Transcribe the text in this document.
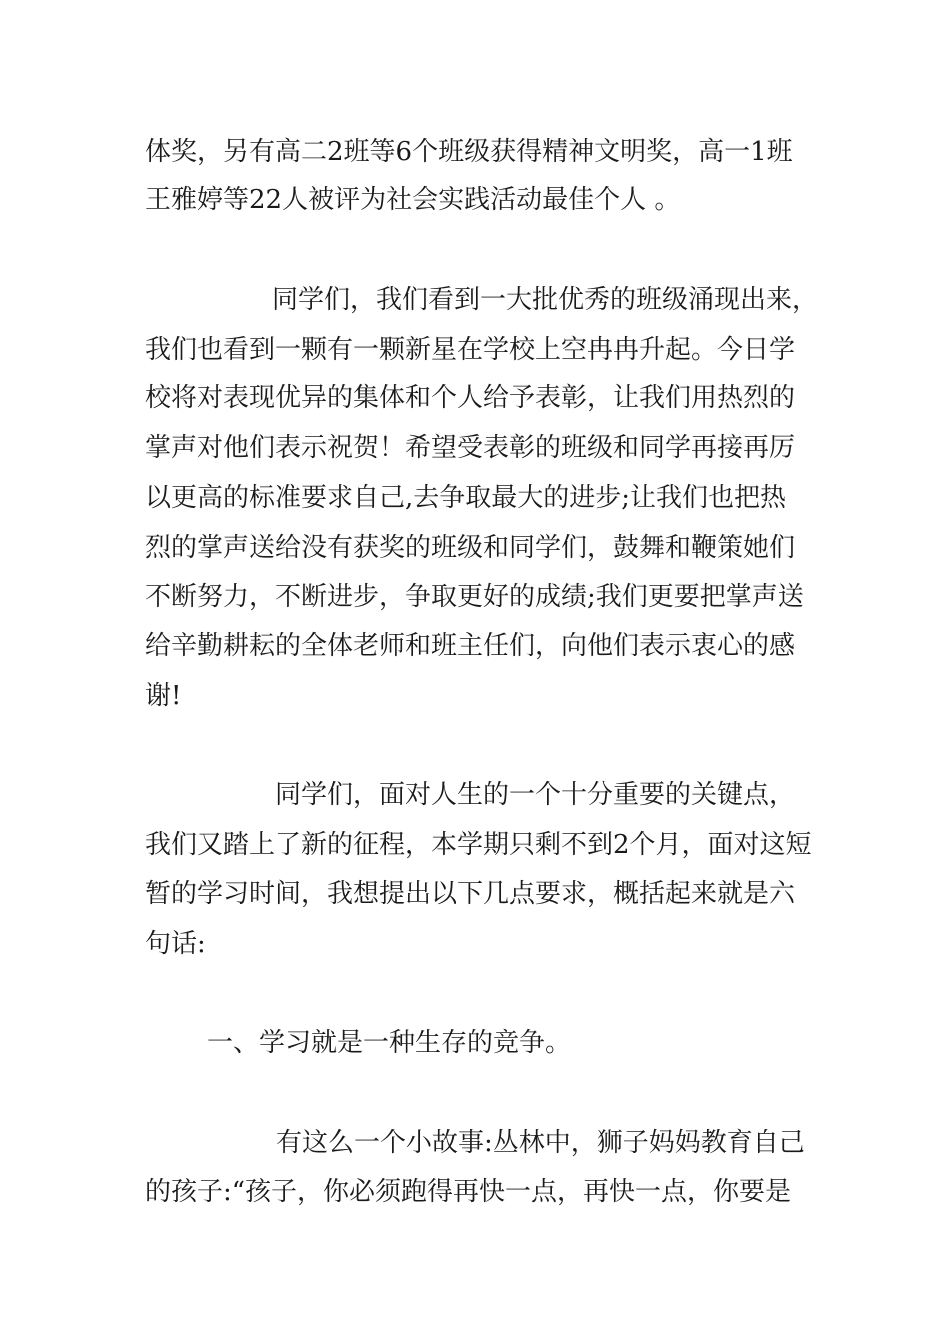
体奖，另有高二2班等6个班级获得精神文明奖，高一1班
王雅婷等22人被评为社会实践活动最佳个人 。
同学们，我们看到一大批优秀的班级涌现出来，
我们也看到一颗有一颗新星在学校上空冉冉升起。今日学
校将对表现优异的集体和个人给予表彰，让我们用热烈的
掌声对他们表示祝贺！希望受表彰的班级和同学再接再厉
以更高的标准要求自己,去争取最大的进步;让我们也把热
烈的掌声送给没有获奖的班级和同学们，鼓舞和鞭策她们
不断努力，不断进步，争取更好的成绩;我们更要把掌声送
给辛勤耕耘的全体老师和班主任们，向他们表示衷心的感
谢!
同学们，面对人生的一个十分重要的关键点，
我们又踏上了新的征程，本学期只剩不到2个月，面对这短
暂的学习时间，我想提出以下几点要求，概括起来就是六
句话:
一、学习就是一种生存的竞争。
有这么一个小故事:丛林中，狮子妈妈教育自己
的孩子:“孩子，你必须跑得再快一点，再快一点，你要是
